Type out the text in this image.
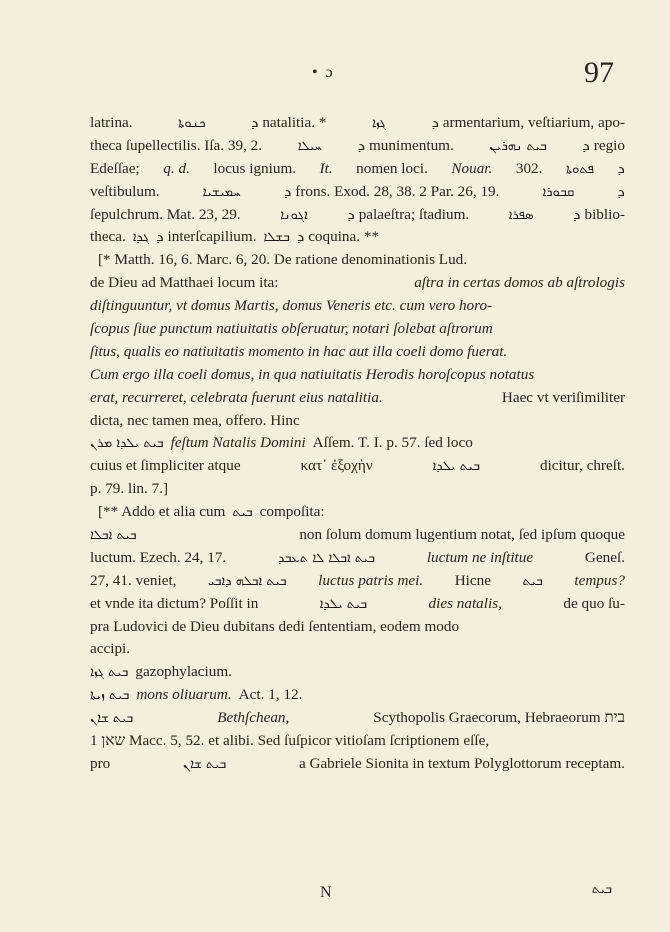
• ɔ	97
latrina.	ܟܢܘܬܐ	ܕ natalitia. *	ܓܙܐ	ܕ armentarium, veſtiarium, apo-
theca ſupellectilis. Iſa. 39, 2.	ܚܝܠܐ ܕ munimentum.	ܒܝܬ ܢܗܪܝܢ ܕ regio
Edeſſae; q. d. locus ignium. It. nomen loci. Nouar. 302. ܦܬܘܬܐ ܕ
veſtibulum.	ܚܡܝܫܝܐ	ܕ frons. Exod. 28, 38. 2 Par. 26, 19.	ܩܒܘܪܐ	ܕ
ſepulchrum. Mat. 23, 29.	ܐܓܘܢܐ	ܕ palaeſtra; ſtadium.	ܣܦܪܐ	ܕ biblio-
theca. ܓܕܐ ܕ interſcapilium. ܒܫܠܐ ܕ coquina. **
[* Matth. 16, 6. Marc. 6, 20. De ratione denominationis Lud.
de Dieu ad Matthaei locum ita:	aſtra in certas domos ab aſtrologis
diſtinguuntur, vt domus Martis, domus Veneris etc. cum vero horo-
ſcopus ſiue punctum natiuitatis obſeruatur, notari ſolebat aſtrorum
ſitus, qualis eo natiuitatis momento in hac aut illa coeli domo fuerat.
Cum ergo illa coeli domus, in qua natiuitatis Herodis horoſcopus notatus
erat, recurreret, celebrata fuerunt eius natalitia.	Haec vt veriſimiliter
dicta, nec tamen mea, offero. Hinc
ܒܝܬ ܝܠܕܐ ܡܪܢ feſtum Natalis Domini Aſſem. T. I. p. 57. ſed loco
cuius et ſimpliciter atque	κατ᾽ ἐξοχὴν	ܒܝܬ ܝܠܕܐ	dicitur, chreſt.
p. 79. lin. 7.]
[** Addo et alia cum ܒܝܬ compoſita:
ܒܝܬ ܐܒܠܐ	non ſolum domum lugentium notat, ſed ipſum quoque
luctum. Ezech. 24, 17.	ܒܝܬ ܐܒܠܐ ܠܐ ܬܥܒܕ	luctum ne inſtitue	Geneſ.
27, 41. veniet, ܒܝܬ ܐܒܠܗ ܕܐܒܝ luctus patris mei. Hicne ܒܝܬ tempus?
et vnde ita dictum? Poſſit in	ܒܝܬ ܝܠܕܐ	dies natalis,	de quo ſu-
pra Ludovici de Dieu dubitans dedi ſententiam, eodem modo
accipi.
ܒܝܬ ܓܙܐ gazophylacium.
ܒܝܬ ܙܝܬܐ mons oliuarum. Act. 1, 12.
ܒܝܬ ܫܐܢ	Bethſchean,	Scythopolis Graecorum, Hebraeorum בית
שאן 1 Macc. 5, 52. et alibi. Sed ſuſpicor vitioſam ſcriptionem eſſe,
pro	ܒܝܬ ܫܐܢ	a Gabriele Sionita in textum Polyglottorum receptam.
N	ܒܝܬ
